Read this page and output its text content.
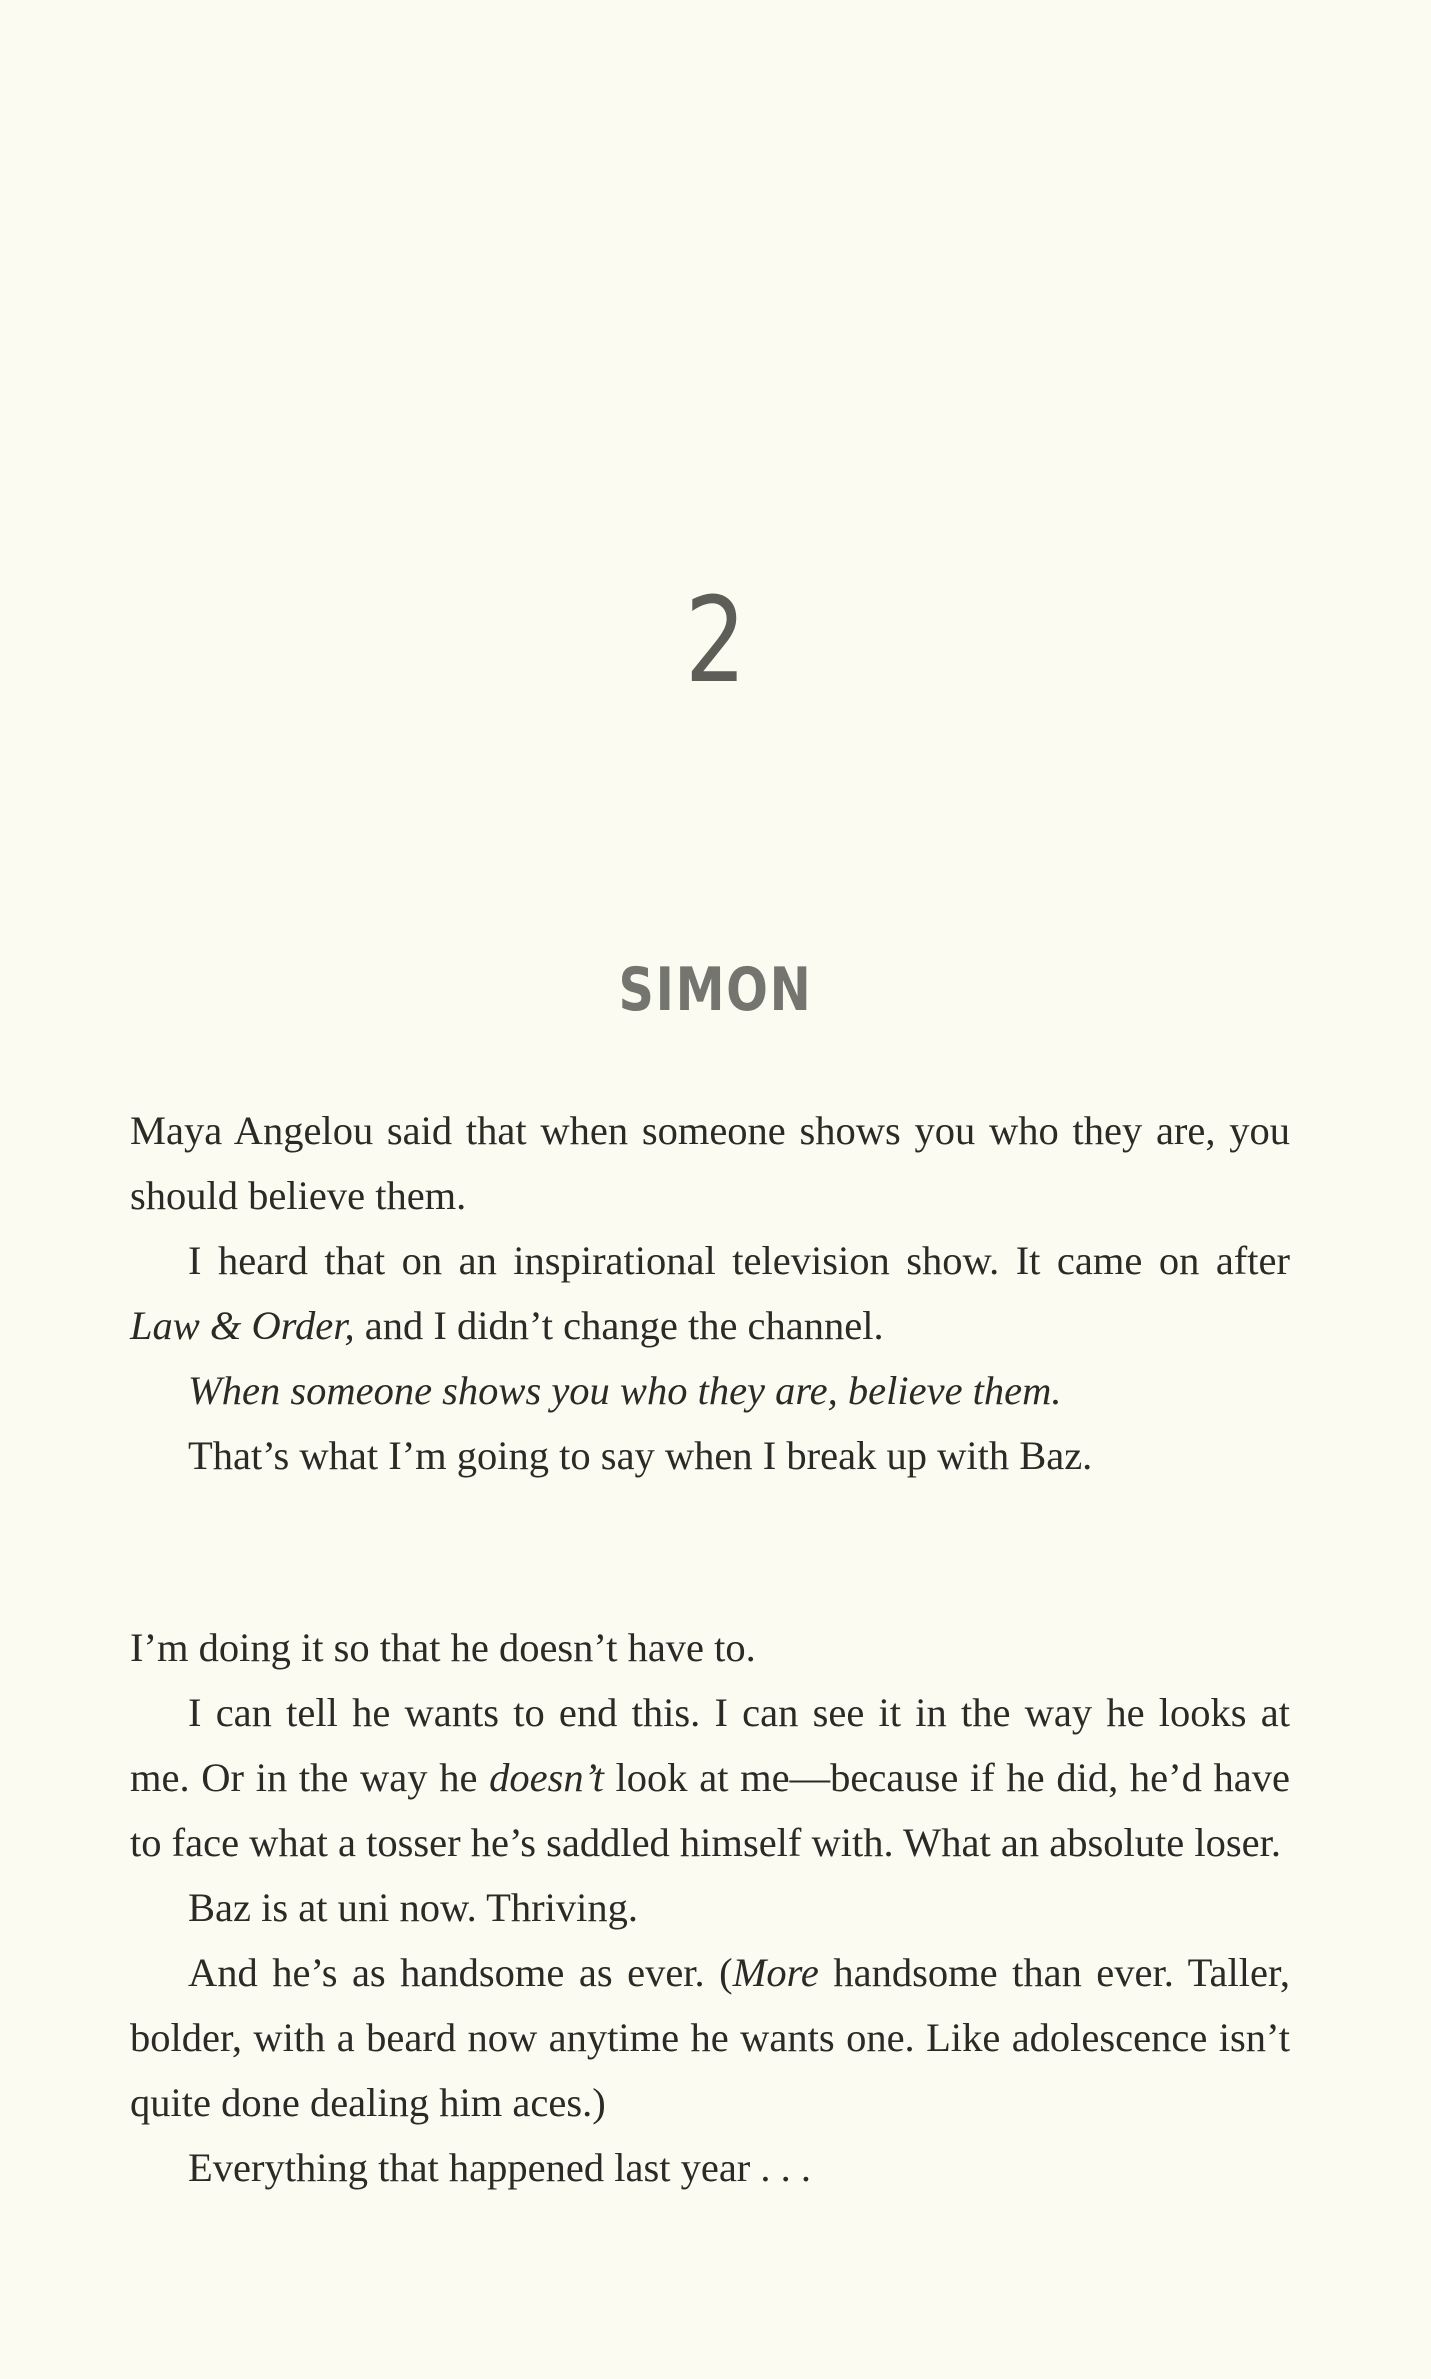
2
SIMON

Maya Angelou said that when someone shows you who they are, you should believe them.

I heard that on an inspirational television show. It came on after Law & Order, and I didn’t change the channel.

When someone shows you who they are, believe them.

That’s what I’m going to say when I break up with Baz.

I’m doing it so that he doesn’t have to.

I can tell he wants to end this. I can see it in the way he looks at me. Or in the way he doesn’t look at me—because if he did, he’d have to face what a tosser he’s saddled himself with. What an absolute loser.

Baz is at uni now. Thriving.

And he’s as handsome as ever. (More handsome than ever. Taller, bolder, with a beard now anytime he wants one. Like adolescence isn’t quite done dealing him aces.)

Everything that happened last year . . .
